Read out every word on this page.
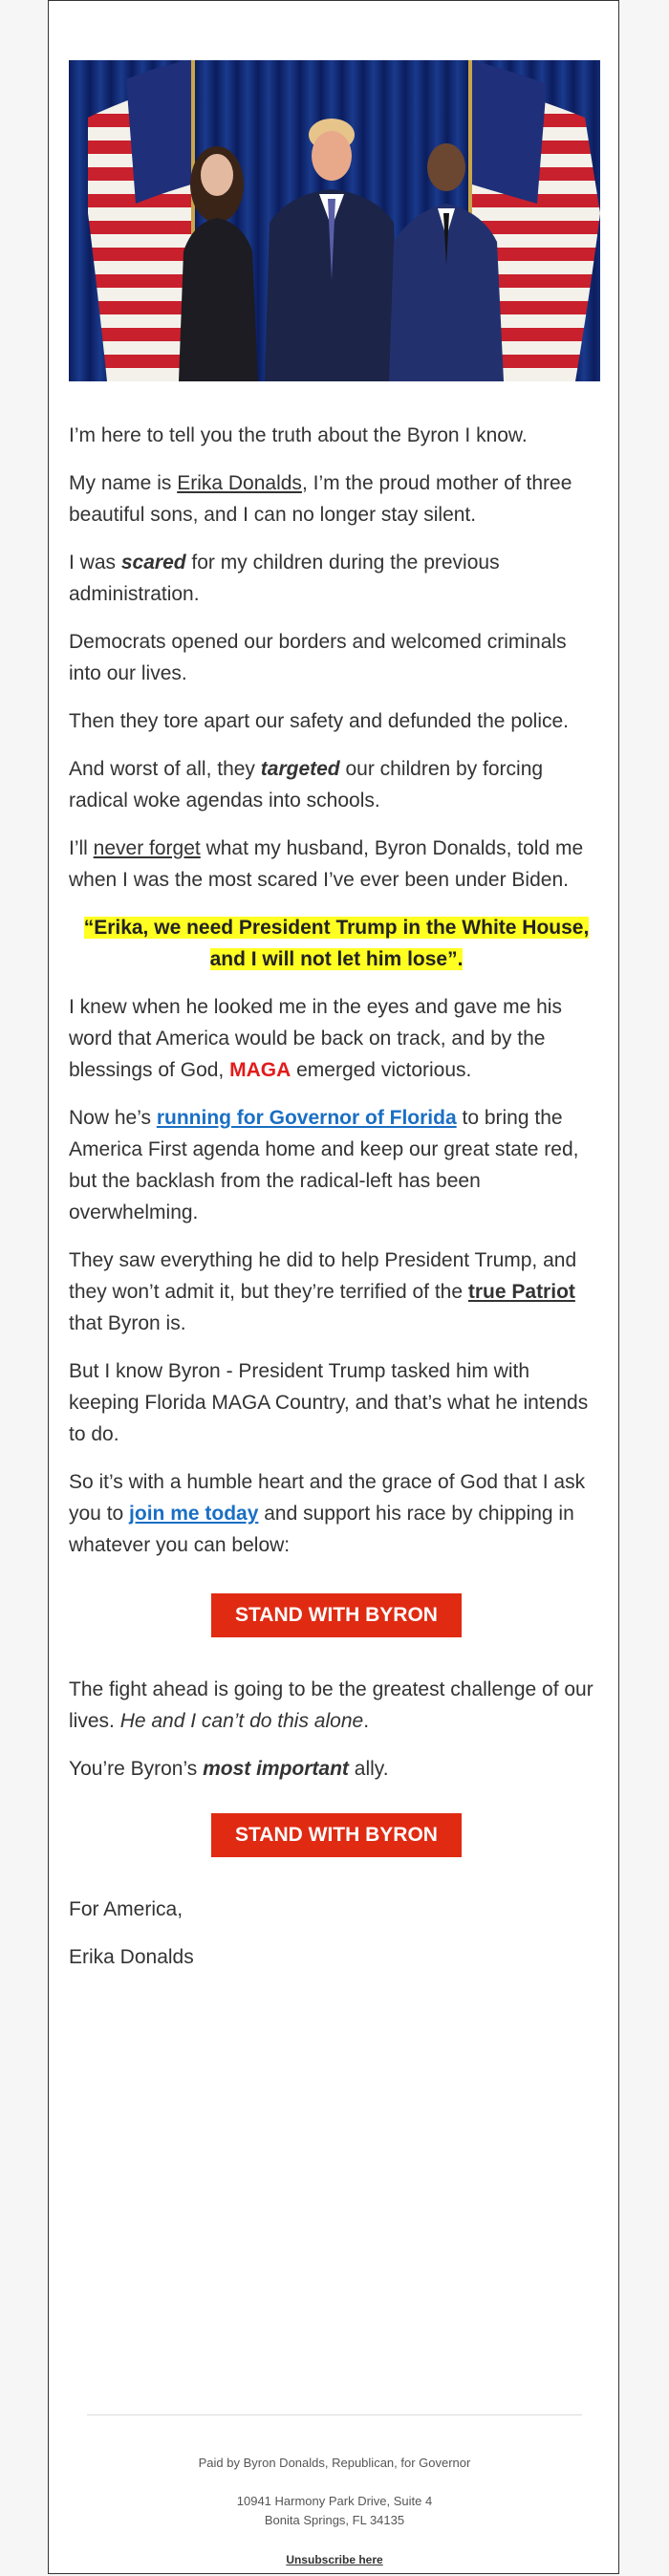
I’m here to tell you the truth about the Byron I know.

My name is Erika Donalds, I’m the proud mother of three beautiful sons, and I can no longer stay silent.

I was scared for my children during the previous administration.

Democrats opened our borders and welcomed criminals into our lives.

Then they tore apart our safety and defunded the police.

And worst of all, they targeted our children by forcing radical woke agendas into schools.

I’ll never forget what my husband, Byron Donalds, told me when I was the most scared I’ve ever been under Biden.

“Erika, we need President Trump in the White House, and I will not let him lose”.

I knew when he looked me in the eyes and gave me his word that America would be back on track, and by the blessings of God, MAGA emerged victorious.

Now he’s running for Governor of Florida to bring the America First agenda home and keep our great state red, but the backlash from the radical-left has been overwhelming.

They saw everything he did to help President Trump, and they won’t admit it, but they’re terrified of the true Patriot that Byron is.

But I know Byron - President Trump tasked him with keeping Florida MAGA Country, and that’s what he intends to do.

So it’s with a humble heart and the grace of God that I ask you to join me today and support his race by chipping in whatever you can below:

STAND WITH BYRON

The fight ahead is going to be the greatest challenge of our lives. He and I can’t do this alone.

You’re Byron’s most important ally.

STAND WITH BYRON

For America,

Erika Donalds

Paid by Byron Donalds, Republican, for Governor
10941 Harmony Park Drive, Suite 4
Bonita Springs, FL 34135
Unsubscribe here
